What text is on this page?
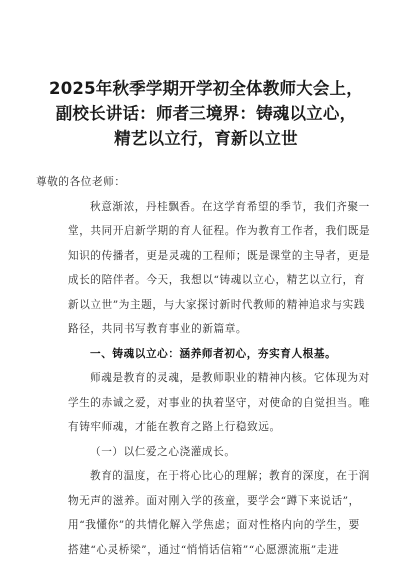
2025年秋季学期开学初全体教师大会上，
副校长讲话：师者三境界：铸魂以立心，
精艺以立行，育新以立世
尊敬的各位老师：
秋意渐浓，丹桂飘香。在这学育希望的季节，我们齐聚一
堂，共同开启新学期的育人征程。作为教育工作者，我们既是
知识的传播者，更是灵魂的工程师；既是课堂的主导者，更是
成长的陪伴者。今天，我想以“铸魂以立心，精艺以立行，育
新以立世”为主题，与大家探讨新时代教师的精神追求与实践
路径，共同书写教育事业的新篇章。
一、铸魂以立心：涵养师者初心，夯实育人根基。
师魂是教育的灵魂，是教师职业的精神内核。它体现为对
学生的赤诚之爱，对事业的执着坚守，对使命的自觉担当。唯
有铸牢师魂，才能在教育之路上行稳致远。
（一）以仁爱之心浇灌成长。
教育的温度，在于将心比心的理解；教育的深度，在于润
物无声的滋养。面对刚入学的孩童，要学会“蹲下来说话”，
用“我懂你”的共情化解入学焦虑；面对性格内向的学生，要
搭建“心灵桥梁”，通过“悄悄话信箱”“心愿漂流瓶”走进
